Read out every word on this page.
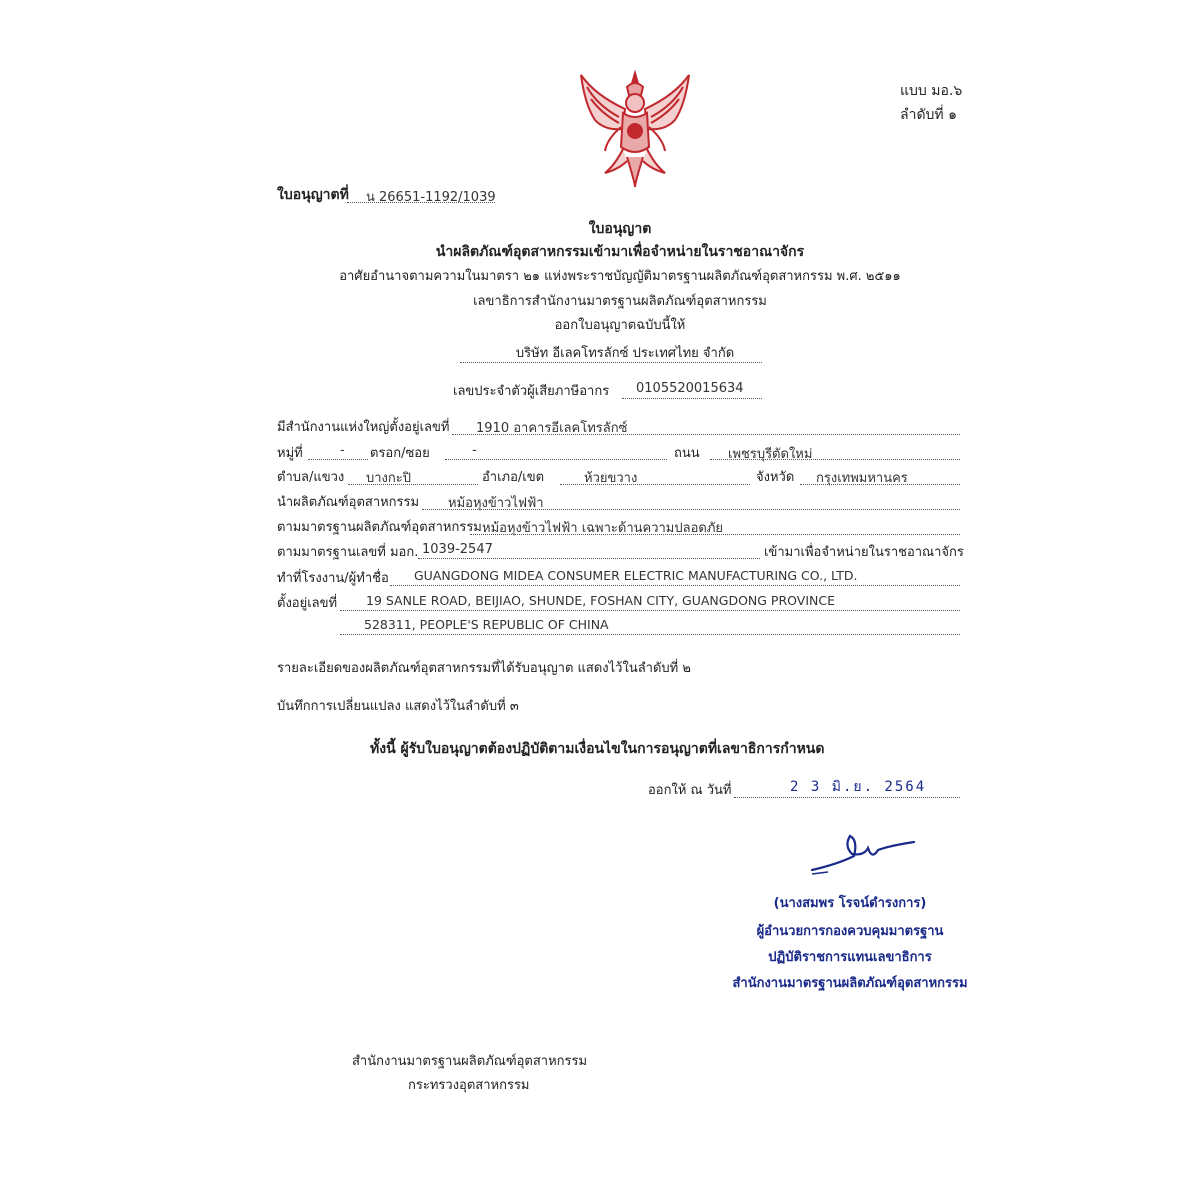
แบบ มอ.๖
ลำดับที่ ๑
ใบอนุญาตที่ น 26651-1192/1039
ใบอนุญาต
นำผลิตภัณฑ์อุตสาหกรรมเข้ามาเพื่อจำหน่ายในราชอาณาจักร
อาศัยอำนาจตามความในมาตรา ๒๑ แห่งพระราชบัญญัติมาตรฐานผลิตภัณฑ์อุตสาหกรรม พ.ศ. ๒๕๑๑
เลขาธิการสำนักงานมาตรฐานผลิตภัณฑ์อุตสาหกรรม
ออกใบอนุญาตฉบับนี้ให้
บริษัท อีเลคโทรลักซ์ ประเทศไทย จำกัด
เลขประจำตัวผู้เสียภาษีอากร 0105520015634
มีสำนักงานแห่งใหญ่ตั้งอยู่เลขที่ 1910 อาคารอีเลคโทรลักซ์
หมู่ที่	- ตรอก/ซอย	-	ถนน เพชรบุรีตัดใหม่
ตำบล/แขวง บางกะปิ	อำเภอ/เขต	ห้วยขวาง	จังหวัด กรุงเทพมหานคร
นำผลิตภัณฑ์อุตสาหกรรม หม้อหุงข้าวไฟฟ้า
ตามมาตรฐานผลิตภัณฑ์อุตสาหกรรม หม้อหุงข้าวไฟฟ้า เฉพาะด้านความปลอดภัย
ตามมาตรฐานเลขที่ มอก. 1039-2547	เข้ามาเพื่อจำหน่ายในราชอาณาจักร
ทำที่โรงงาน/ผู้ทำชื่อ GUANGDONG MIDEA CONSUMER ELECTRIC MANUFACTURING CO., LTD.
ตั้งอยู่เลขที่ 19 SANLE ROAD, BEIJIAO, SHUNDE, FOSHAN CITY, GUANGDONG PROVINCE
528311, PEOPLE'S REPUBLIC OF CHINA
รายละเอียดของผลิตภัณฑ์อุตสาหกรรมที่ได้รับอนุญาต แสดงไว้ในลำดับที่ ๒
บันทึกการเปลี่ยนแปลง แสดงไว้ในลำดับที่ ๓
ทั้งนี้ ผู้รับใบอนุญาตต้องปฏิบัติตามเงื่อนไขในการอนุญาตที่เลขาธิการกำหนด
ออกให้ ณ วันที่	2 3 มิ.ย. 2564
(นางสมพร โรจน์ดำรงการ)
ผู้อำนวยการกองควบคุมมาตรฐาน
ปฏิบัติราชการแทนเลขาธิการ
สำนักงานมาตรฐานผลิตภัณฑ์อุตสาหกรรม
สำนักงานมาตรฐานผลิตภัณฑ์อุตสาหกรรม
กระทรวงอุตสาหกรรม
